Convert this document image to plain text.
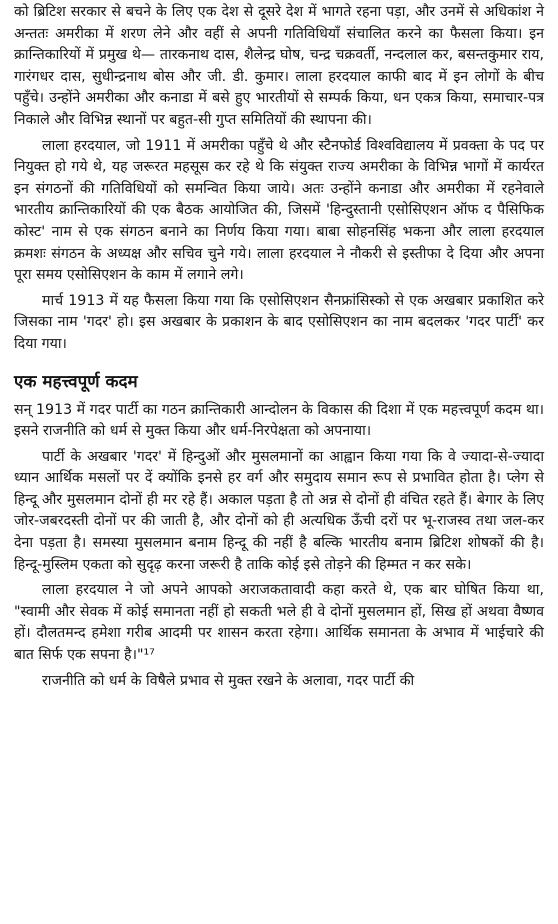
को ब्रिटिश सरकार से बचने के लिए एक देश से दूसरे देश में भागते रहना पड़ा, और उनमें से अधिकांश ने अन्ततः अमरीका में शरण लेने और वहीं से अपनी गतिविधियाँ संचालित करने का फैसला किया। इन क्रान्तिकारियों में प्रमुख थे— तारकनाथ दास, शैलेन्द्र घोष, चन्द्र चक्रवर्ती, नन्दलाल कर, बसन्तकुमार राय, गारंगधर दास, सुधीन्द्रनाथ बोस और जी. डी. कुमार। लाला हरदयाल काफी बाद में इन लोगों के बीच पहुँचे। उन्होंने अमरीका और कनाडा में बसे हुए भारतीयों से सम्पर्क किया, धन एकत्र किया, समाचार-पत्र निकाले और विभिन्न स्थानों पर बहुत-सी गुप्त समितियों की स्थापना की।

लाला हरदयाल, जो 1911 में अमरीका पहुँचे थे और स्टैनफोर्ड विश्वविद्यालय में प्रवक्ता के पद पर नियुक्त हो गये थे, यह जरूरत महसूस कर रहे थे कि संयुक्त राज्य अमरीका के विभिन्न भागों में कार्यरत इन संगठनों की गतिविधियों को समन्वित किया जाये। अतः उन्होंने कनाडा और अमरीका में रहनेवाले भारतीय क्रान्तिकारियों की एक बैठक आयोजित की, जिसमें 'हिन्दुस्तानी एसोसिएशन ऑफ द पैसिफिक कोस्ट' नाम से एक संगठन बनाने का निर्णय किया गया। बाबा सोहनसिंह भकना और लाला हरदयाल क्रमशः संगठन के अध्यक्ष और सचिव चुने गये। लाला हरदयाल ने नौकरी से इस्तीफा दे दिया और अपना पूरा समय एसोसिएशन के काम में लगाने लगे।

मार्च 1913 में यह फैसला किया गया कि एसोसिएशन सैनफ्रांसिस्को से एक अखबार प्रकाशित करे जिसका नाम 'गदर' हो। इस अखबार के प्रकाशन के बाद एसोसिएशन का नाम बदलकर 'गदर पार्टी' कर दिया गया।

एक महत्त्वपूर्ण कदम

सन् 1913 में गदर पार्टी का गठन क्रान्तिकारी आन्दोलन के विकास की दिशा में एक महत्त्वपूर्ण कदम था। इसने राजनीति को धर्म से मुक्त किया और धर्म-निरपेक्षता को अपनाया।

पार्टी के अखबार 'गदर' में हिन्दुओं और मुसलमानों का आह्वान किया गया कि वे ज्यादा-से-ज्यादा ध्यान आर्थिक मसलों पर दें क्योंकि इनसे हर वर्ग और समुदाय समान रूप से प्रभावित होता है। प्लेग से हिन्दू और मुसलमान दोनों ही मर रहे हैं। अकाल पड़ता है तो अन्न से दोनों ही वंचित रहते हैं। बेगार के लिए जोर-जबरदस्ती दोनों पर की जाती है, और दोनों को ही अत्यधिक ऊँची दरों पर भू-राजस्व तथा जल-कर देना पड़ता है। समस्या मुसलमान बनाम हिन्दू की नहीं है बल्कि भारतीय बनाम ब्रिटिश शोषकों की है। हिन्दू-मुस्लिम एकता को सुदृढ़ करना जरूरी है ताकि कोई इसे तोड़ने की हिम्मत न कर सके।

लाला हरदयाल ने जो अपने आपको अराजकतावादी कहा करते थे, एक बार घोषित किया था, "स्वामी और सेवक में कोई समानता नहीं हो सकती भले ही वे दोनों मुसलमान हों, सिख हों अथवा वैष्णव हों। दौलतमन्द हमेशा गरीब आदमी पर शासन करता रहेगा। आर्थिक समानता के अभाव में भाईचारे की बात सिर्फ एक सपना है।"¹⁷

राजनीति को धर्म के विषैले प्रभाव से मुक्त रखने के अलावा, गदर पार्टी की
